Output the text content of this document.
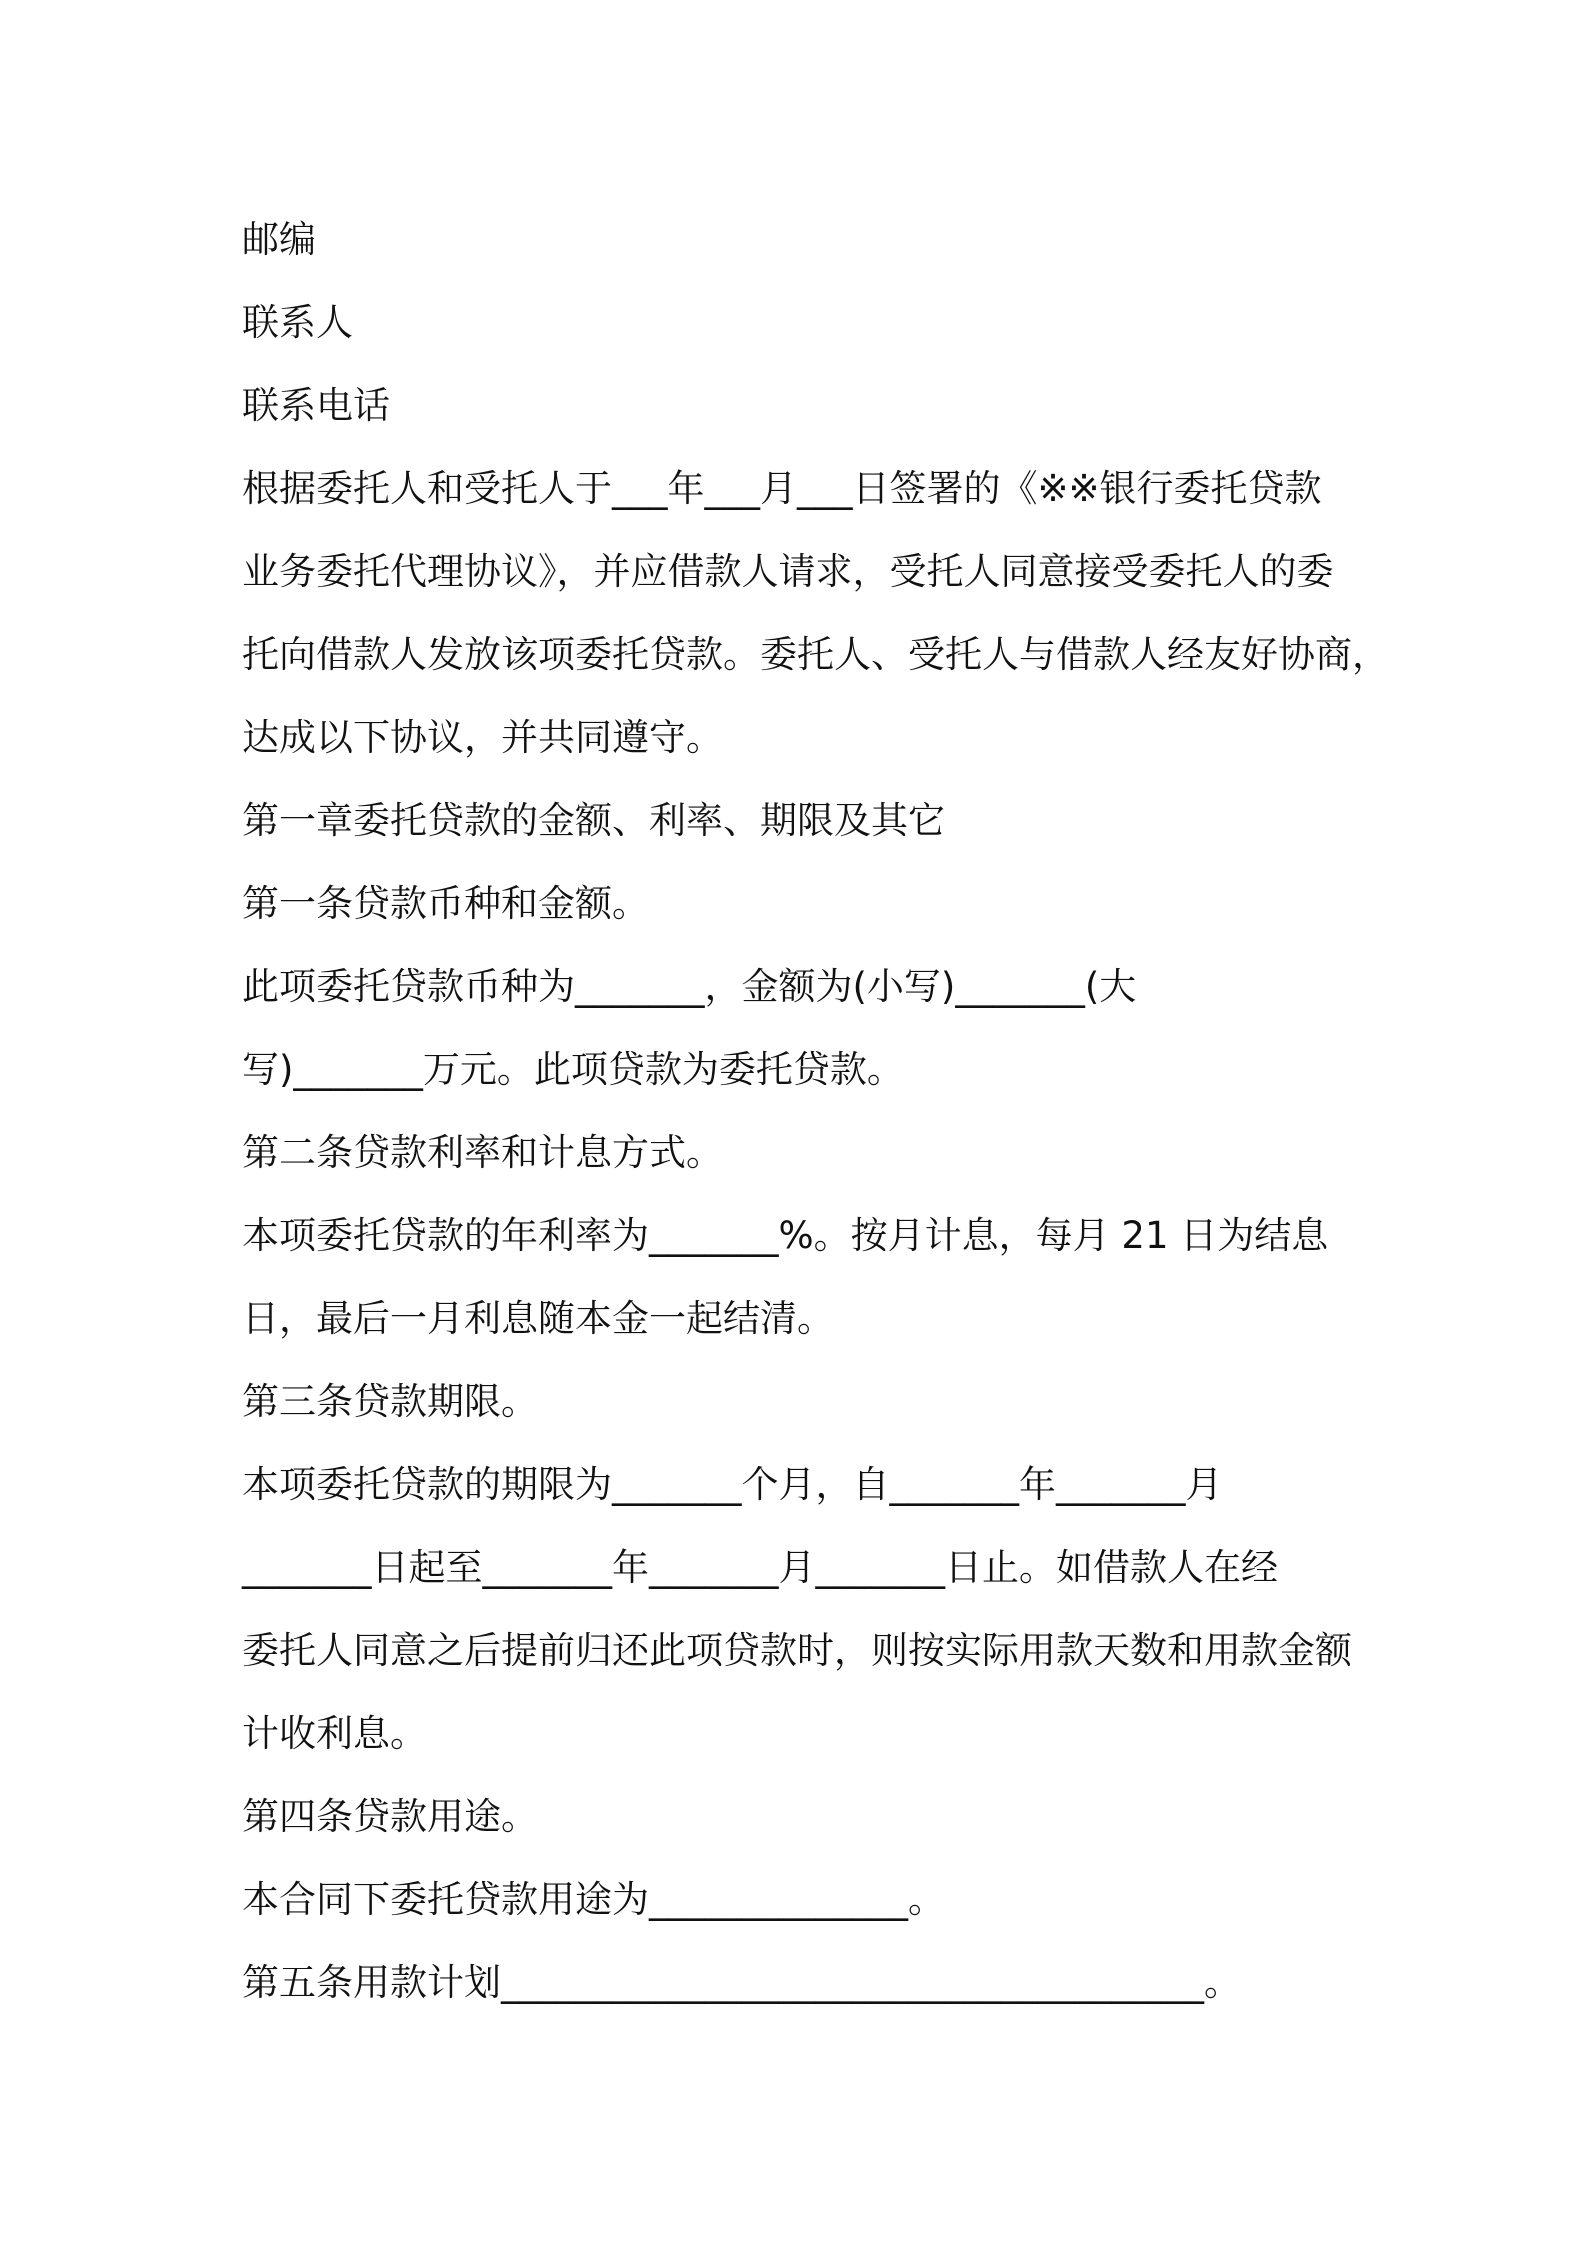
邮编

联系人

联系电话

根据委托人和受托人于___年___月___日签署的《※※银行委托贷款

业务委托代理协议》，并应借款人请求，受托人同意接受委托人的委

托向借款人发放该项委托贷款。委托人、受托人与借款人经友好协商，

达成以下协议，并共同遵守。

第一章委托贷款的金额、利率、期限及其它

第一条贷款币种和金额。

此项委托贷款币种为_______，金额为(小写)_______(大

写)_______万元。此项贷款为委托贷款。

第二条贷款利率和计息方式。

本项委托贷款的年利率为_______%。按月计息，每月 21 日为结息

日，最后一月利息随本金一起结清。

第三条贷款期限。

本项委托贷款的期限为_______个月，自_______年_______月

_______日起至_______年_______月_______日止。如借款人在经

委托人同意之后提前归还此项贷款时，则按实际用款天数和用款金额

计收利息。

第四条贷款用途。

本合同下委托贷款用途为______________。

第五条用款计划______________________________________。
